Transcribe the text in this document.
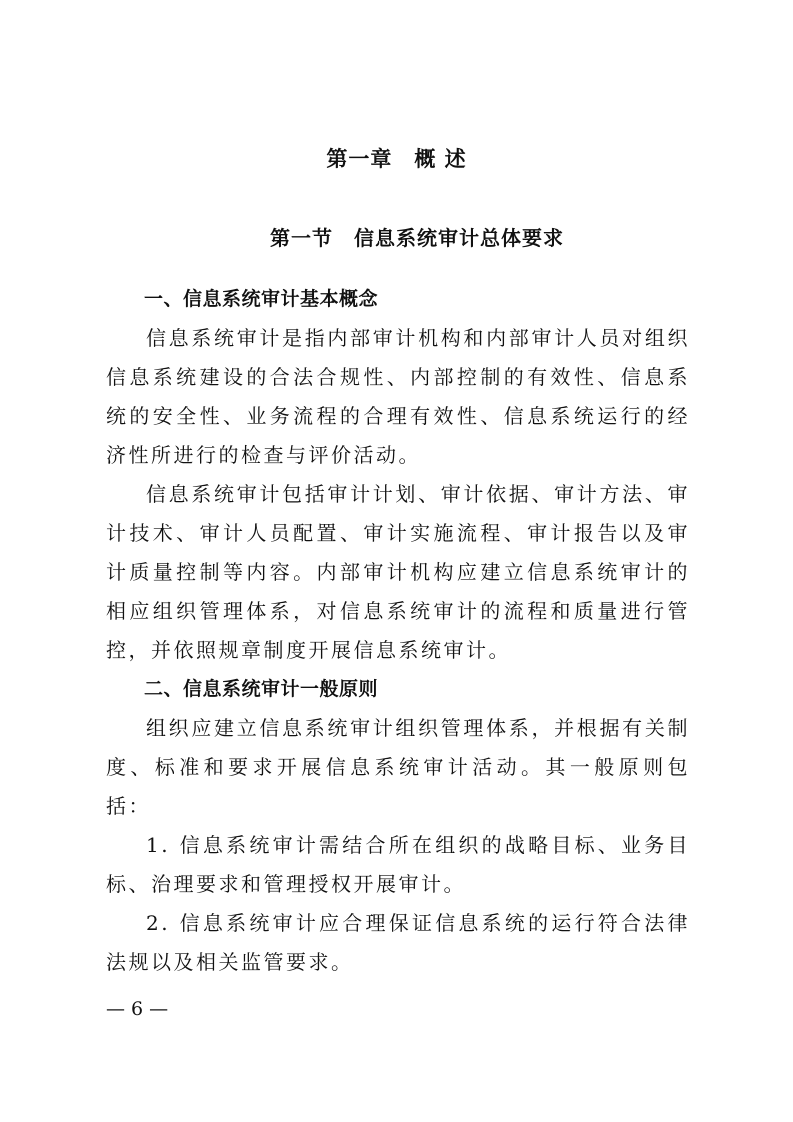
第一章　概 述
第一节　信息系统审计总体要求

一、信息系统审计基本概念

信息系统审计是指内部审计机构和内部审计人员对组织信息系统建设的合法合规性、内部控制的有效性、信息系统的安全性、业务流程的合理有效性、信息系统运行的经济性所进行的检查与评价活动。

信息系统审计包括审计计划、审计依据、审计方法、审计技术、审计人员配置、审计实施流程、审计报告以及审计质量控制等内容。内部审计机构应建立信息系统审计的相应组织管理体系，对信息系统审计的流程和质量进行管控，并依照规章制度开展信息系统审计。

二、信息系统审计一般原则

组织应建立信息系统审计组织管理体系，并根据有关制度、标准和要求开展信息系统审计活动。其一般原则包括：

1. 信息系统审计需结合所在组织的战略目标、业务目标、治理要求和管理授权开展审计。

2. 信息系统审计应合理保证信息系统的运行符合法律法规以及相关监管要求。

— 6 —
